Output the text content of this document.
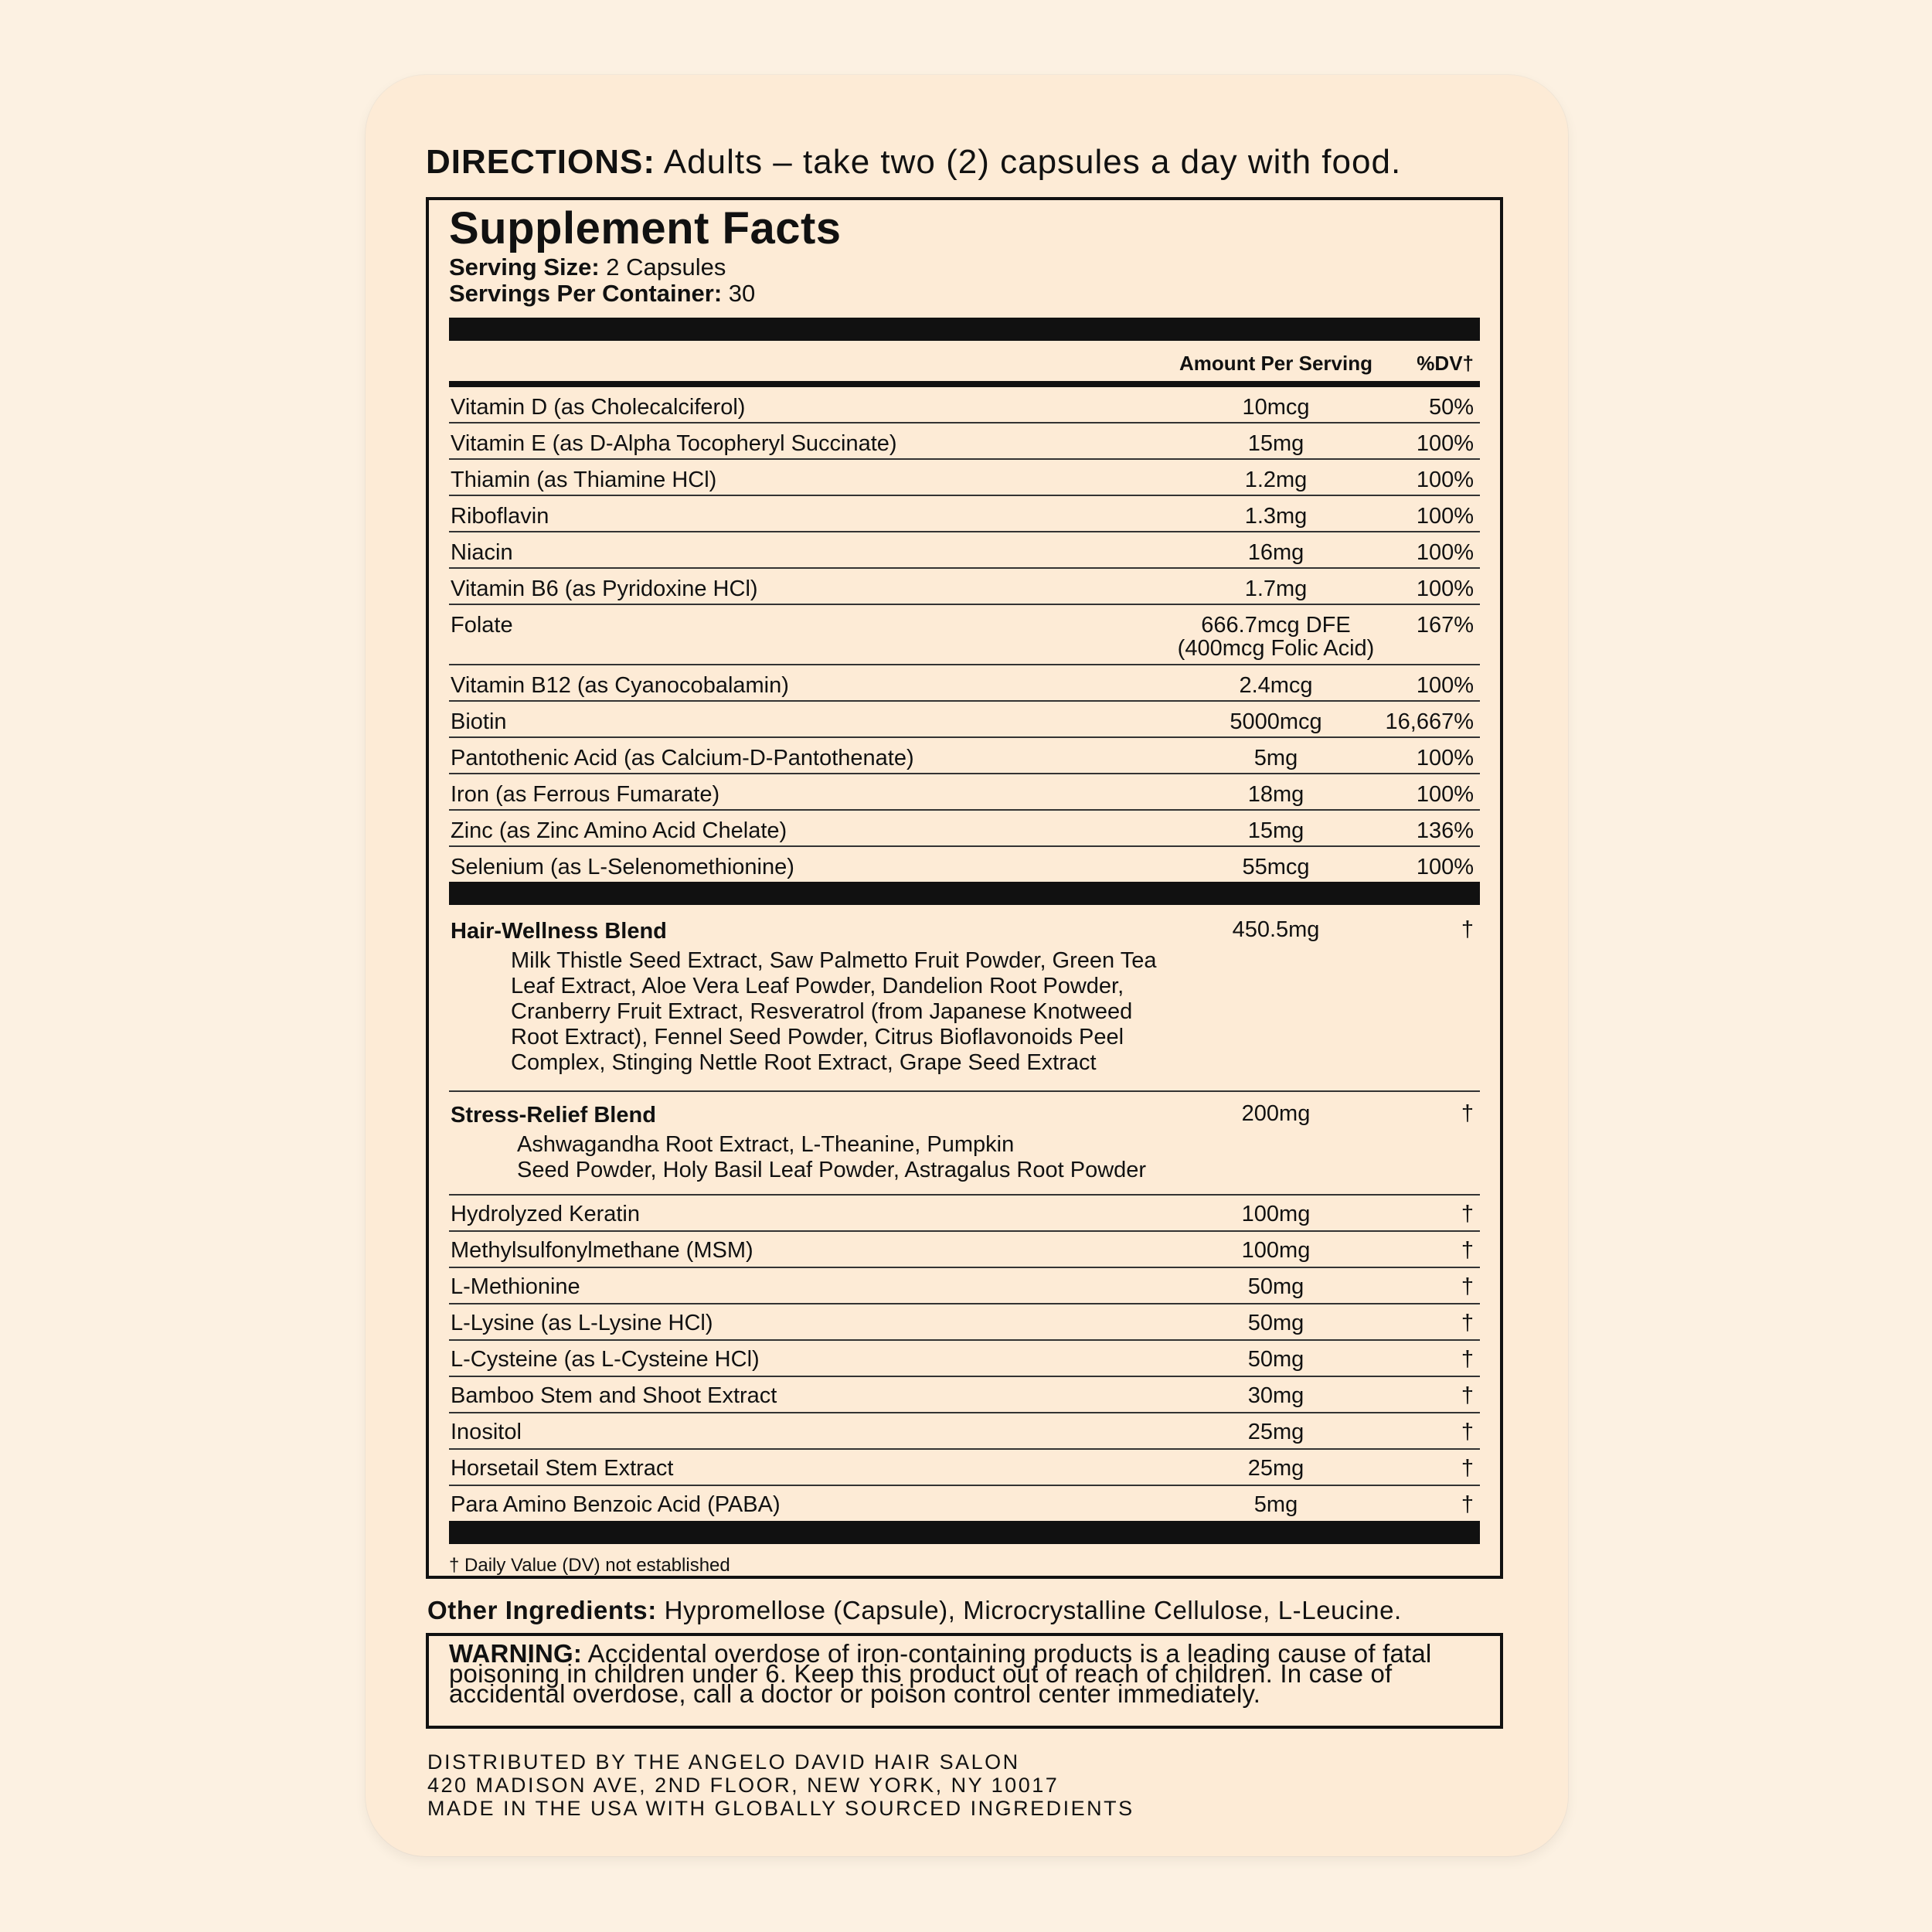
DIRECTIONS: Adults – take two (2) capsules a day with food.
Supplement Facts
Serving Size: 2 Capsules
Servings Per Container: 30
Amount Per Serving	%DV†
Vitamin D (as Cholecalciferol)	10mcg	50%
Vitamin E (as D-Alpha Tocopheryl Succinate)	15mg	100%
Thiamin (as Thiamine HCl)	1.2mg	100%
Riboflavin	1.3mg	100%
Niacin	16mg	100%
Vitamin B6 (as Pyridoxine HCl)	1.7mg	100%
Folate	666.7mcg DFE	167%
(400mcg Folic Acid)
Vitamin B12 (as Cyanocobalamin)	2.4mcg	100%
Biotin	5000mcg	16,667%
Pantothenic Acid (as Calcium-D-Pantothenate)	5mg	100%
Iron (as Ferrous Fumarate)	18mg	100%
Zinc (as Zinc Amino Acid Chelate)	15mg	136%
Selenium (as L-Selenomethionine)	55mcg	100%
Hair-Wellness Blend	450.5mg	†
Milk Thistle Seed Extract, Saw Palmetto Fruit Powder, Green Tea
Leaf Extract, Aloe Vera Leaf Powder, Dandelion Root Powder,
Cranberry Fruit Extract, Resveratrol (from Japanese Knotweed
Root Extract), Fennel Seed Powder, Citrus Bioflavonoids Peel
Complex, Stinging Nettle Root Extract, Grape Seed Extract
Stress-Relief Blend	200mg	†
Ashwagandha Root Extract, L-Theanine, Pumpkin
Seed Powder, Holy Basil Leaf Powder, Astragalus Root Powder
Hydrolyzed Keratin	100mg	†
Methylsulfonylmethane (MSM)	100mg	†
L-Methionine	50mg	†
L-Lysine (as L-Lysine HCl)	50mg	†
L-Cysteine (as L-Cysteine HCl)	50mg	†
Bamboo Stem and Shoot Extract	30mg	†
Inositol	25mg	†
Horsetail Stem Extract	25mg	†
Para Amino Benzoic Acid (PABA)	5mg	†
† Daily Value (DV) not established
Other Ingredients: Hypromellose (Capsule), Microcrystalline Cellulose, L-Leucine.
WARNING: Accidental overdose of iron-containing products is a leading cause of fatal poisoning in children under 6. Keep this product out of reach of children. In case of accidental overdose, call a doctor or poison control center immediately.
DISTRIBUTED BY THE ANGELO DAVID HAIR SALON
420 MADISON AVE, 2ND FLOOR, NEW YORK, NY 10017
MADE IN THE USA WITH GLOBALLY SOURCED INGREDIENTS
